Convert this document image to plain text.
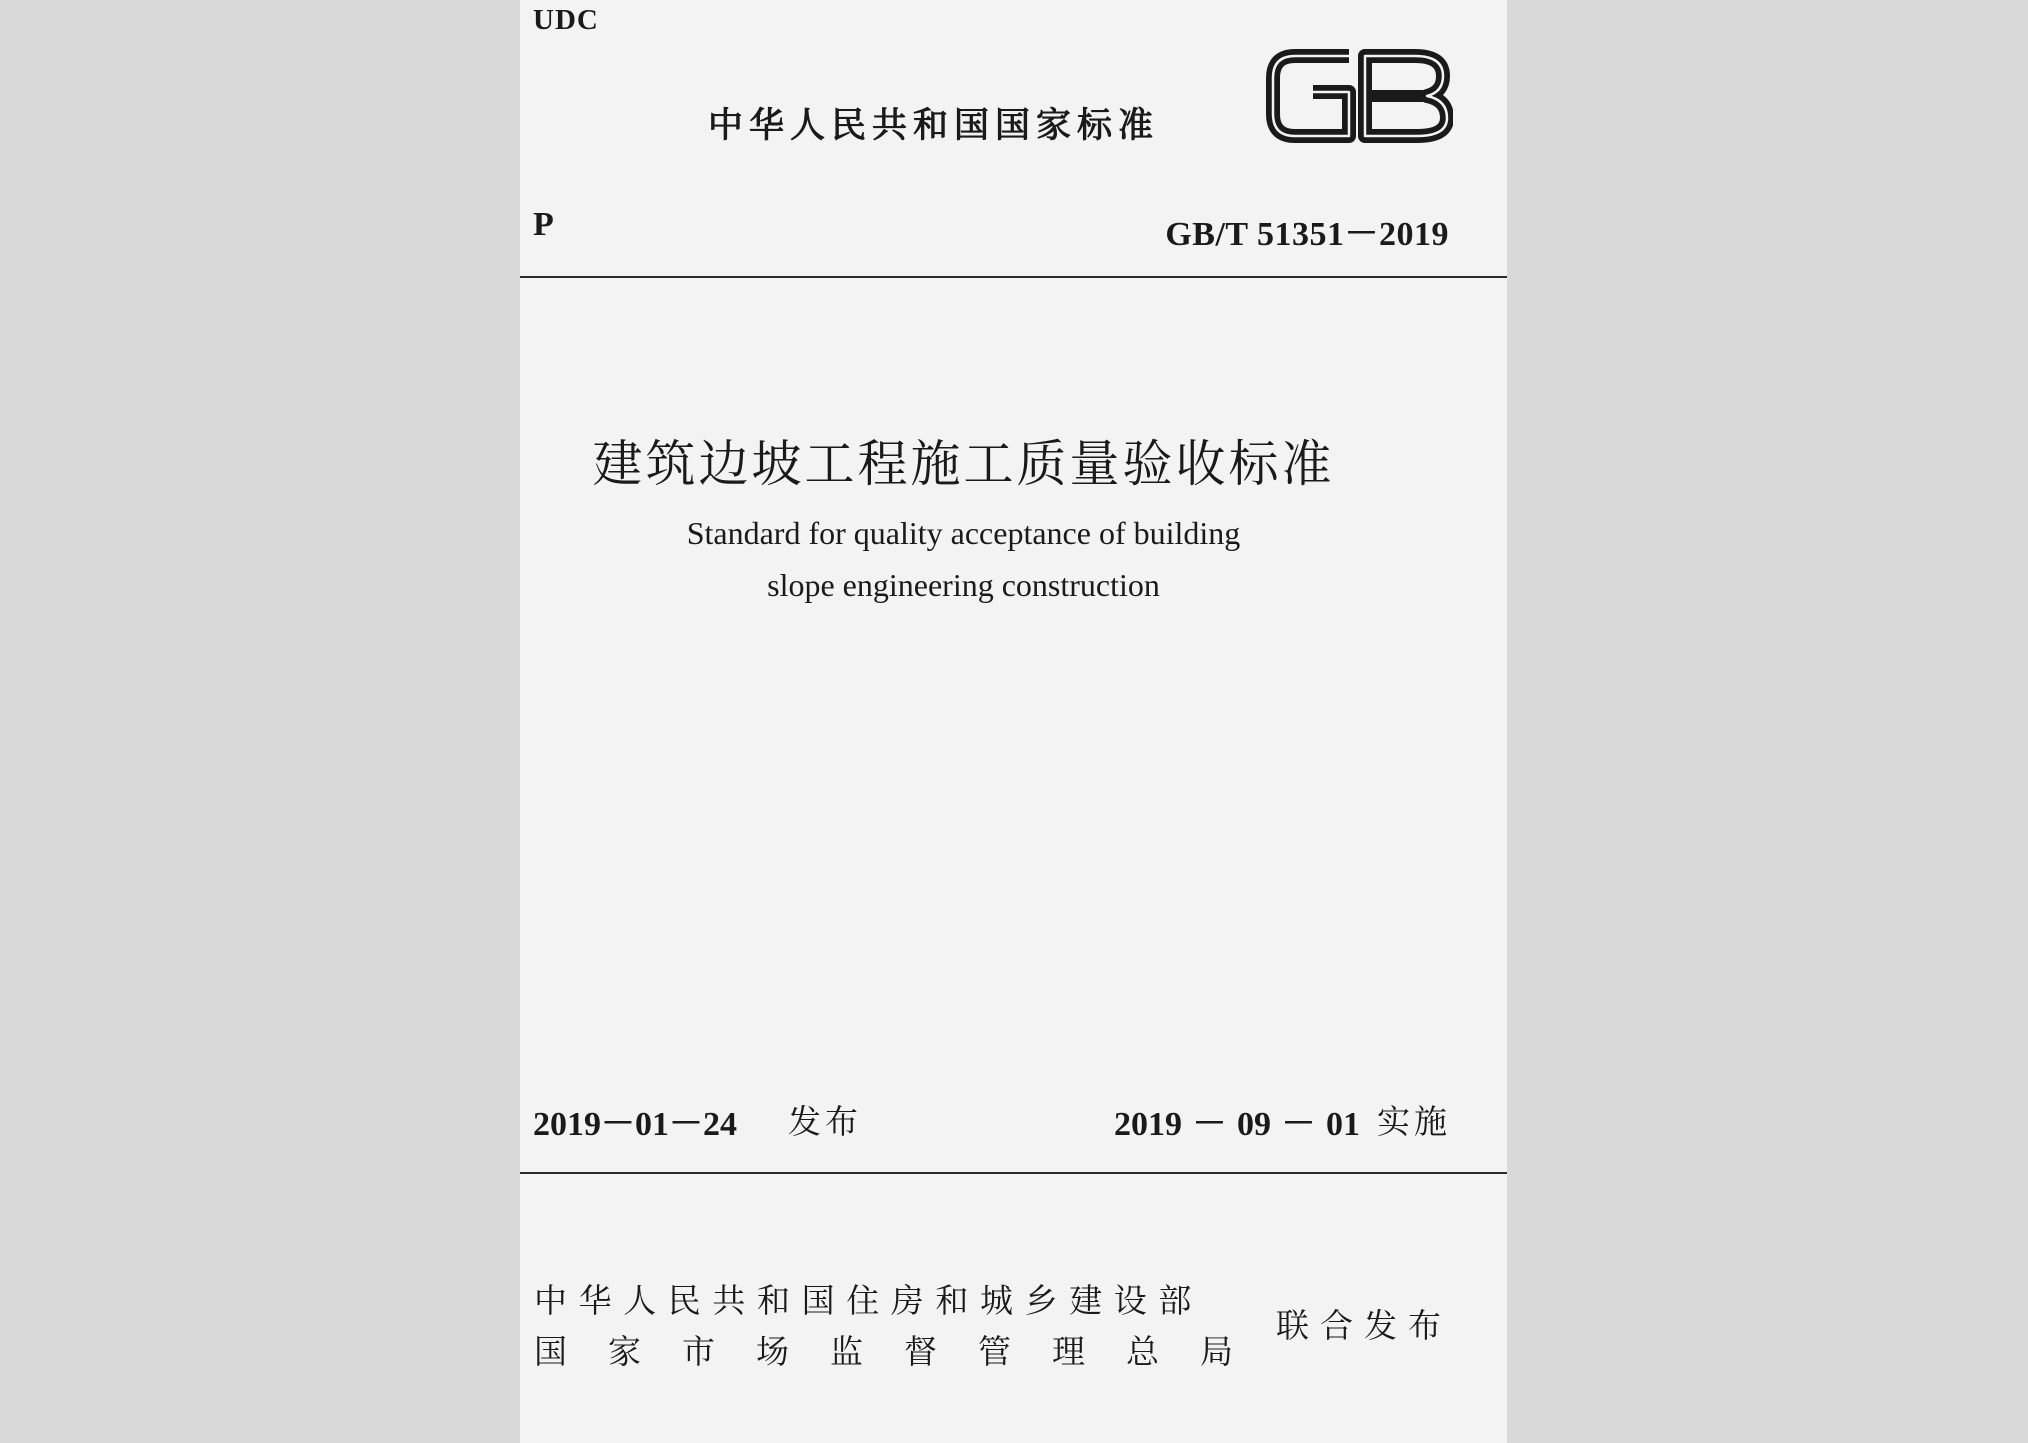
UDC
中华人民共和国国家标准
P	GB/T 51351－2019
建筑边坡工程施工质量验收标准
Standard for quality acceptance of building
slope engineering construction
2019－01－24 发布	2019 － 09 － 01 实施
中华人民共和国住房和城乡建设部
国家市场监督管理总局
联合发布
